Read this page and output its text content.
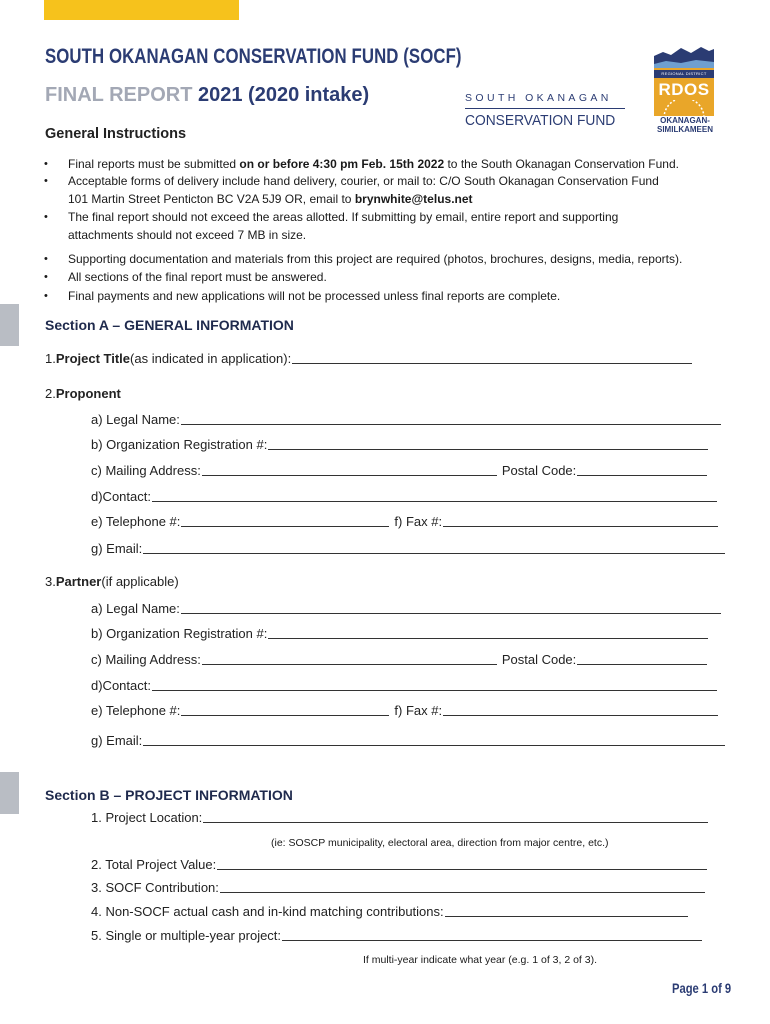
SOUTH OKANAGAN CONSERVATION FUND (SOCF)
FINAL REPORT 2021 (2020 intake)	SOUTH OKANAGAN
CONSERVATION FUND
REGIONAL DISTRICT
RDOS
OKANAGAN-
SIMILKAMEEN
General Instructions
• Final reports must be submitted on or before 4:30 pm Feb. 15th 2022 to the South Okanagan Conservation Fund.
• Acceptable forms of delivery include hand delivery, courier, or mail to: C/O South Okanagan Conservation Fund
101 Martin Street Penticton BC V2A 5J9 OR, email to brynwhite@telus.net
• The final report should not exceed the areas allotted. If submitting by email, entire report and supporting
attachments should not exceed 7 MB in size.
• Supporting documentation and materials from this project are required (photos, brochures, designs, media, reports).
• All sections of the final report must be answered.
• Final payments and new applications will not be processed unless final reports are complete.
Section A – GENERAL INFORMATION
1. Project Title (as indicated in application):
2. Proponent
a) Legal Name:
b) Organization Registration #:
c) Mailing Address:	Postal Code:
d)Contact:
e) Telephone #:	f) Fax #:
g) Email:
3. Partner (if applicable)
a) Legal Name:
b) Organization Registration #:
c) Mailing Address:	Postal Code:
d)Contact:
e) Telephone #:	f) Fax #:
g) Email:
Section B – PROJECT INFORMATION
1. Project Location:
(ie: SOSCP municipality, electoral area, direction from major centre, etc.)
2. Total Project Value:
3. SOCF Contribution:
4. Non-SOCF actual cash and in-kind matching contributions:
5. Single or multiple-year project:
If multi-year indicate what year (e.g. 1 of 3, 2 of 3).
Page 1 of 9
